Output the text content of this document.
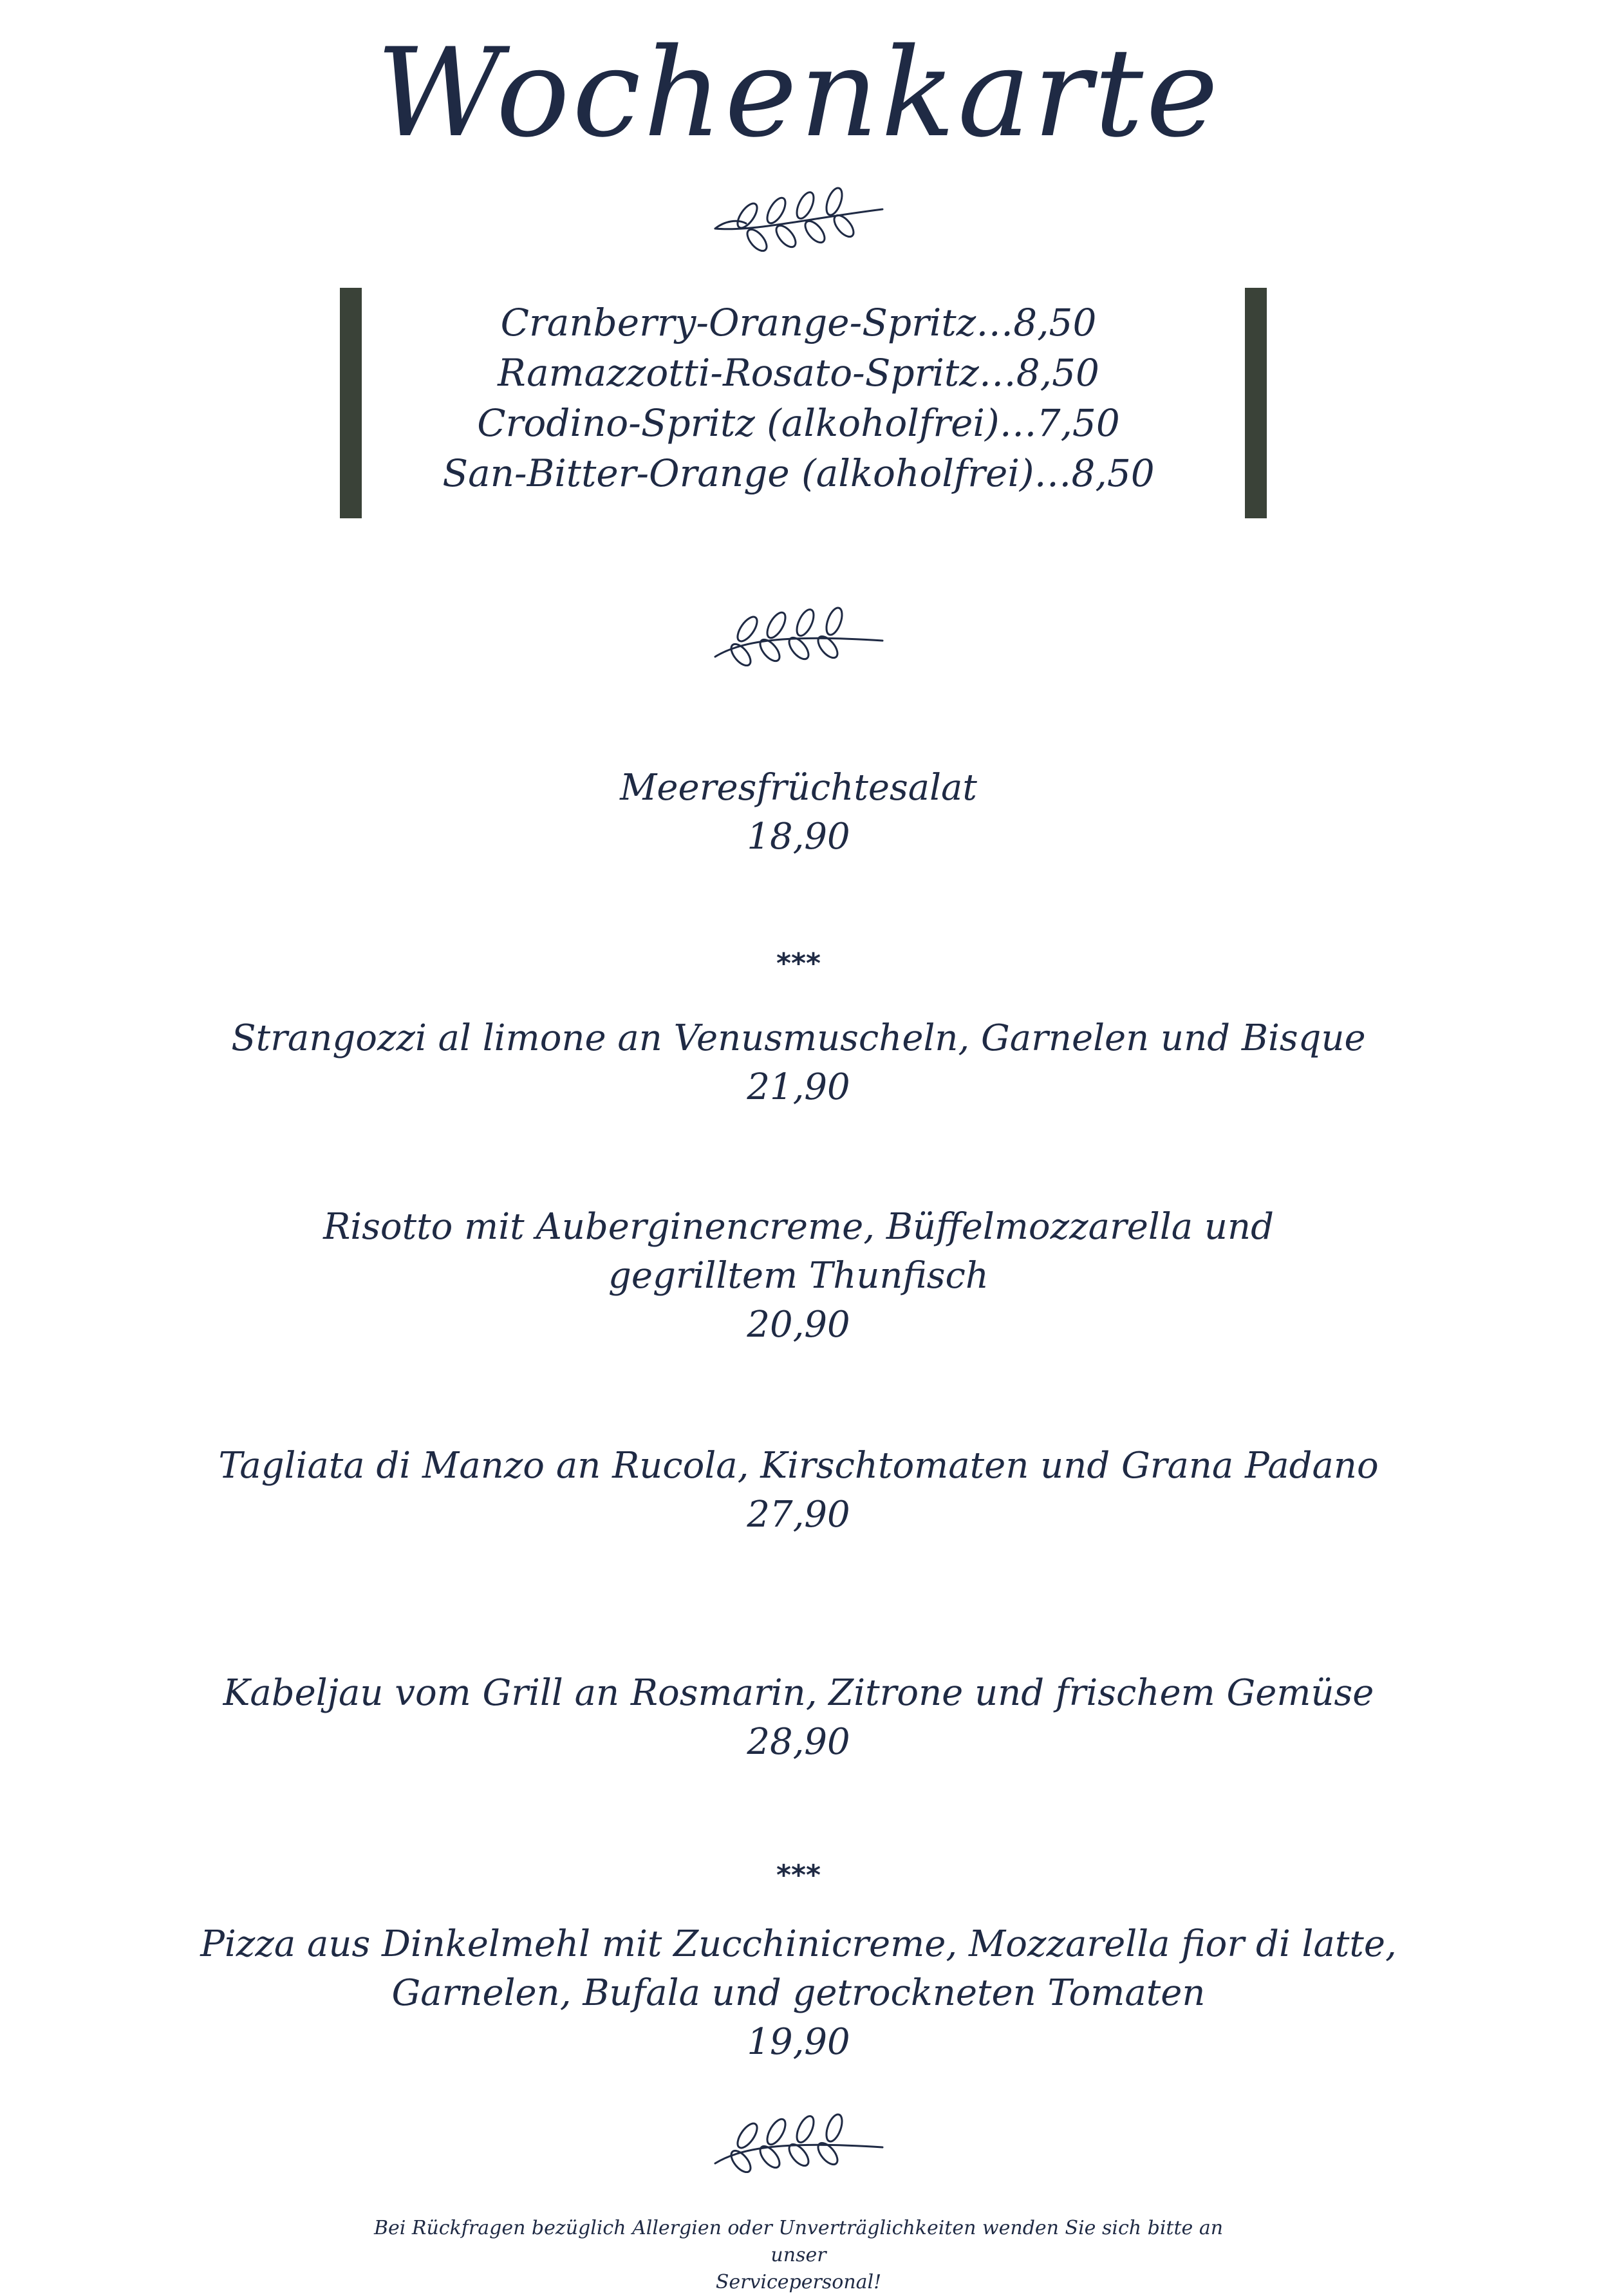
Wochenkarte
Cranberry-Orange-Spritz…8,50
Ramazzotti-Rosato-Spritz…8,50
Crodino-Spritz (alkoholfrei)…7,50
San-Bitter-Orange (alkoholfrei)…8,50
Meeresfrüchtesalat
18,90
***
Strangozzi al limone an Venusmuscheln, Garnelen und Bisque
21,90
Risotto mit Auberginencreme, Büffelmozzarella und
gegrilltem Thunfisch
20,90
Tagliata di Manzo an Rucola, Kirschtomaten und Grana Padano
27,90
Kabeljau vom Grill an Rosmarin, Zitrone und frischem Gemüse
28,90
***
Pizza aus Dinkelmehl mit Zucchinicreme, Mozzarella fior di latte,
Garnelen, Bufala und getrockneten Tomaten
19,90
Bei Rückfragen bezüglich Allergien oder Unverträglichkeiten wenden Sie sich bitte an unser
Servicepersonal!
